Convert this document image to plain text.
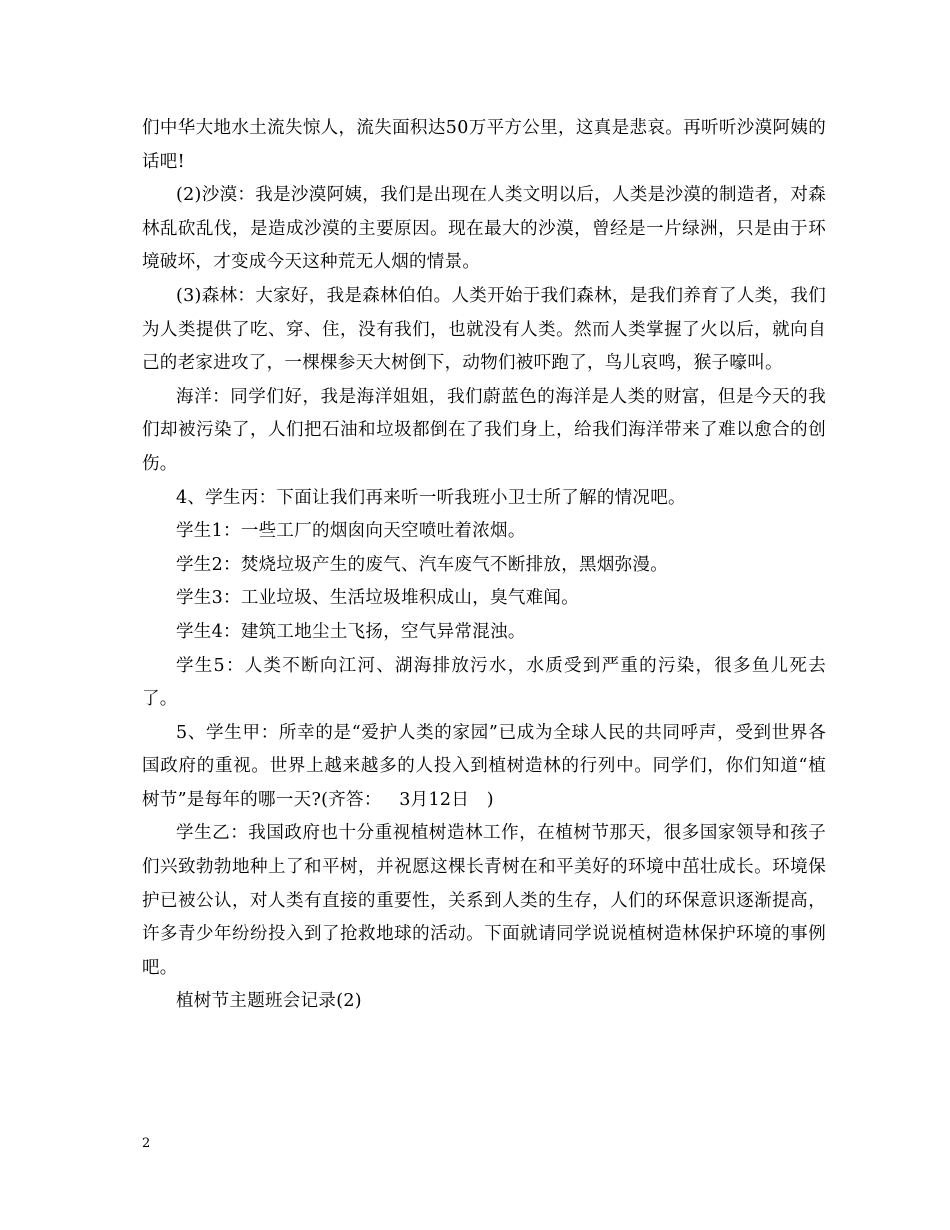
们中华大地水土流失惊人，流失面积达50万平方公里，这真是悲哀。再听听沙漠阿姨的话吧!

(2)沙漠：我是沙漠阿姨，我们是出现在人类文明以后，人类是沙漠的制造者，对森林乱砍乱伐，是造成沙漠的主要原因。现在最大的沙漠，曾经是一片绿洲，只是由于环境破坏，才变成今天这种荒无人烟的情景。

(3)森林：大家好，我是森林伯伯。人类开始于我们森林，是我们养育了人类，我们为人类提供了吃、穿、住，没有我们，也就没有人类。然而人类掌握了火以后，就向自己的老家进攻了，一棵棵参天大树倒下，动物们被吓跑了，鸟儿哀鸣，猴子嚎叫。

海洋：同学们好，我是海洋姐姐，我们蔚蓝色的海洋是人类的财富，但是今天的我们却被污染了，人们把石油和垃圾都倒在了我们身上，给我们海洋带来了难以愈合的创伤。

4、学生丙：下面让我们再来听一听我班小卫士所了解的情况吧。

学生1：一些工厂的烟囱向天空喷吐着浓烟。

学生2：焚烧垃圾产生的废气、汽车废气不断排放，黑烟弥漫。

学生3：工业垃圾、生活垃圾堆积成山，臭气难闻。

学生4：建筑工地尘土飞扬，空气异常混浊。

学生5：人类不断向江河、湖海排放污水，水质受到严重的污染，很多鱼儿死去了。

5、学生甲：所幸的是“爱护人类的家园”已成为全球人民的共同呼声，受到世界各国政府的重视。世界上越来越多的人投入到植树造林的行列中。同学们，你们知道“植树节”是每年的哪一天?(齐答：   3月12日   )

学生乙：我国政府也十分重视植树造林工作，在植树节那天，很多国家领导和孩子们兴致勃勃地种上了和平树，并祝愿这棵长青树在和平美好的环境中茁壮成长。环境保护已被公认，对人类有直接的重要性，关系到人类的生存，人们的环保意识逐渐提高，许多青少年纷纷投入到了抢救地球的活动。下面就请同学说说植树造林保护环境的事例吧。

植树节主题班会记录(2)

2
